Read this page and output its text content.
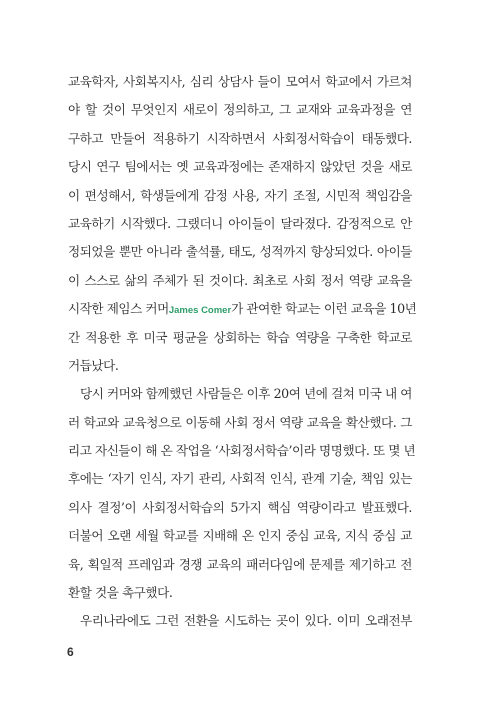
교육학자, 사회복지사, 심리 상담사 들이 모여서 학교에서 가르쳐
야 할 것이 무엇인지 새로이 정의하고, 그 교재와 교육과정을 연
구하고 만들어 적용하기 시작하면서 사회정서학습이 태동했다.
당시 연구 팀에서는 옛 교육과정에는 존재하지 않았던 것을 새로
이 편성해서, 학생들에게 감정 사용, 자기 조절, 시민적 책임감을
교육하기 시작했다. 그랬더니 아이들이 달라졌다. 감정적으로 안
정되었을 뿐만 아니라 출석률, 태도, 성적까지 향상되었다. 아이들
이 스스로 삶의 주체가 된 것이다. 최초로 사회 정서 역량 교육을
시작한 제임스 커머James Comer가 관여한 학교는 이런 교육을 10년
간 적용한 후 미국 평균을 상회하는 학습 역량을 구축한 학교로
거듭났다.
당시 커머와 함께했던 사람들은 이후 20여 년에 걸쳐 미국 내 여
러 학교와 교육청으로 이동해 사회 정서 역량 교육을 확산했다. 그
리고 자신들이 해 온 작업을 ‘사회정서학습’이라 명명했다. 또 몇 년
후에는 ‘자기 인식, 자기 관리, 사회적 인식, 관계 기술, 책임 있는
의사 결정’이 사회정서학습의 5가지 핵심 역량이라고 발표했다.
더불어 오랜 세월 학교를 지배해 온 인지 중심 교육, 지식 중심 교
육, 획일적 프레임과 경쟁 교육의 패러다임에 문제를 제기하고 전
환할 것을 촉구했다.
우리나라에도 그런 전환을 시도하는 곳이 있다. 이미 오래전부
6
